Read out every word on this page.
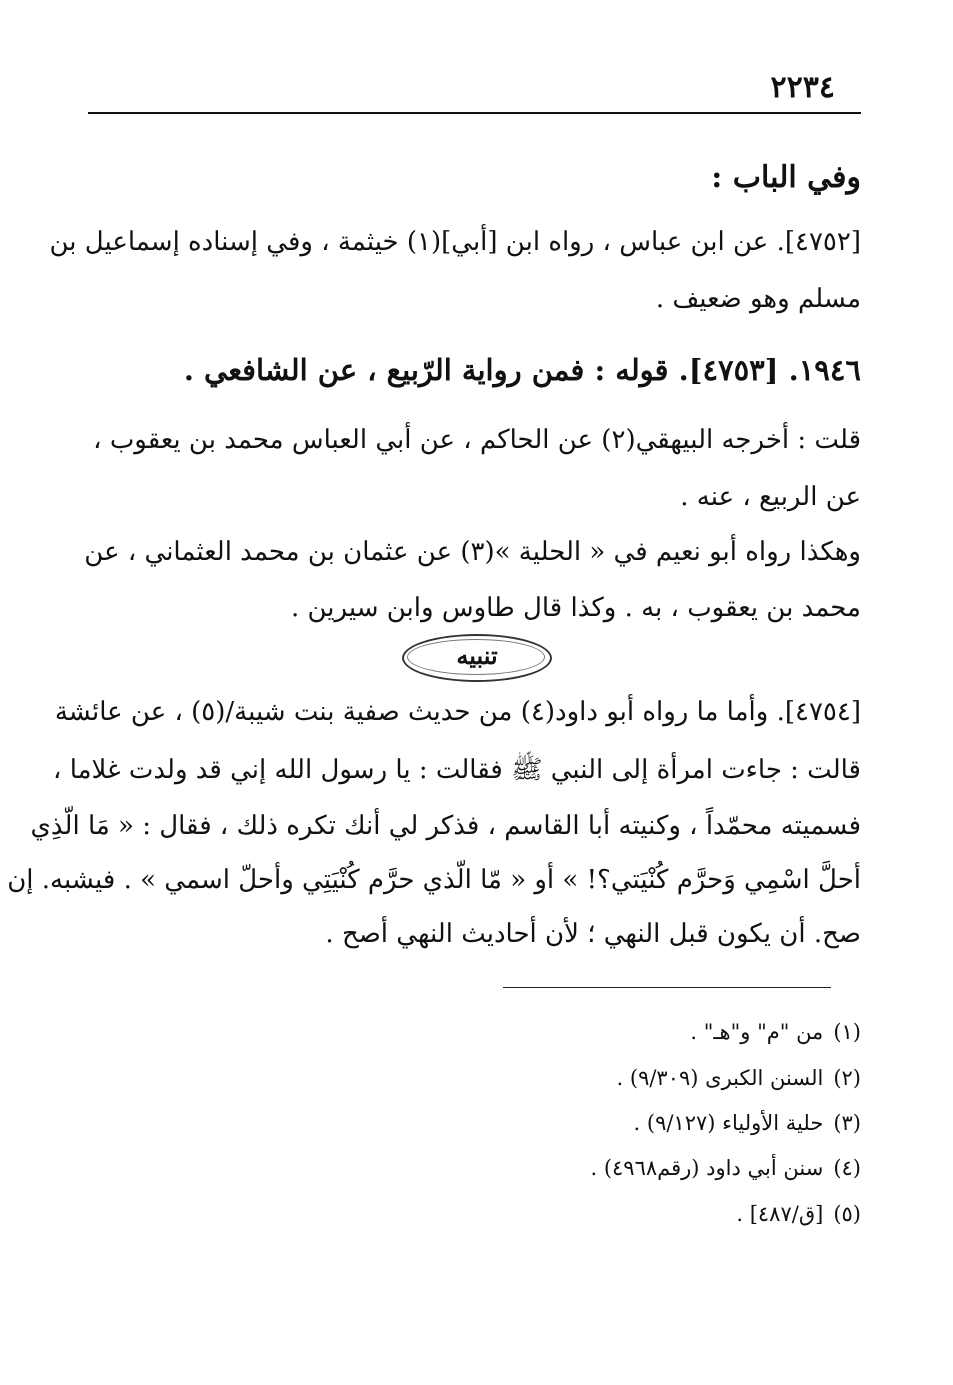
٢٢٣٤
وفي الباب :
[٤٧٥٢]. عن ابن عباس ، رواه ابن [أبي](١) خيثمة ، وفي إسناده إسماعيل بن
مسلم وهو ضعيف .
١٩٤٦. [٤٧٥٣]. قوله : فمن رواية الرّبيع ، عن الشافعي .
قلت : أخرجه البيهقي(٢) عن الحاكم ، عن أبي العباس محمد بن يعقوب ،
عن الربيع ، عنه .
وهكذا رواه أبو نعيم في « الحلية »(٣) عن عثمان بن محمد العثماني ، عن
محمد بن يعقوب ، به . وكذا قال طاوس وابن سيرين .
تنبيه
[٤٧٥٤]. وأما ما رواه أبو داود(٤) من حديث صفية بنت شيبة/(٥) ، عن عائشة
قالت : جاءت امرأة إلى النبي ﷺ فقالت : يا رسول الله إني قد ولدت غلاما ،
فسميته محمّداً ، وكنيته أبا القاسم ، فذكر لي أنك تكره ذلك ، فقال : « مَا الّذِي
أحلَّ اسْمِي وَحرَّم كُنْيَتي؟! » أو « مّا الّذي حرَّم كُنْيَتِي وأحلّ اسمي » . فيشبه. إن
صح. أن يكون قبل النهي ؛ لأن أحاديث النهي أصح .
(١)من "م" و"هـ" .
(٢)السنن الكبرى (٩/٣٠٩) .
(٣)حلية الأولياء (٩/١٢٧) .
(٤)سنن أبي داود (رقم٤٩٦٨) .
(٥)[ق/٤٨٧] .
